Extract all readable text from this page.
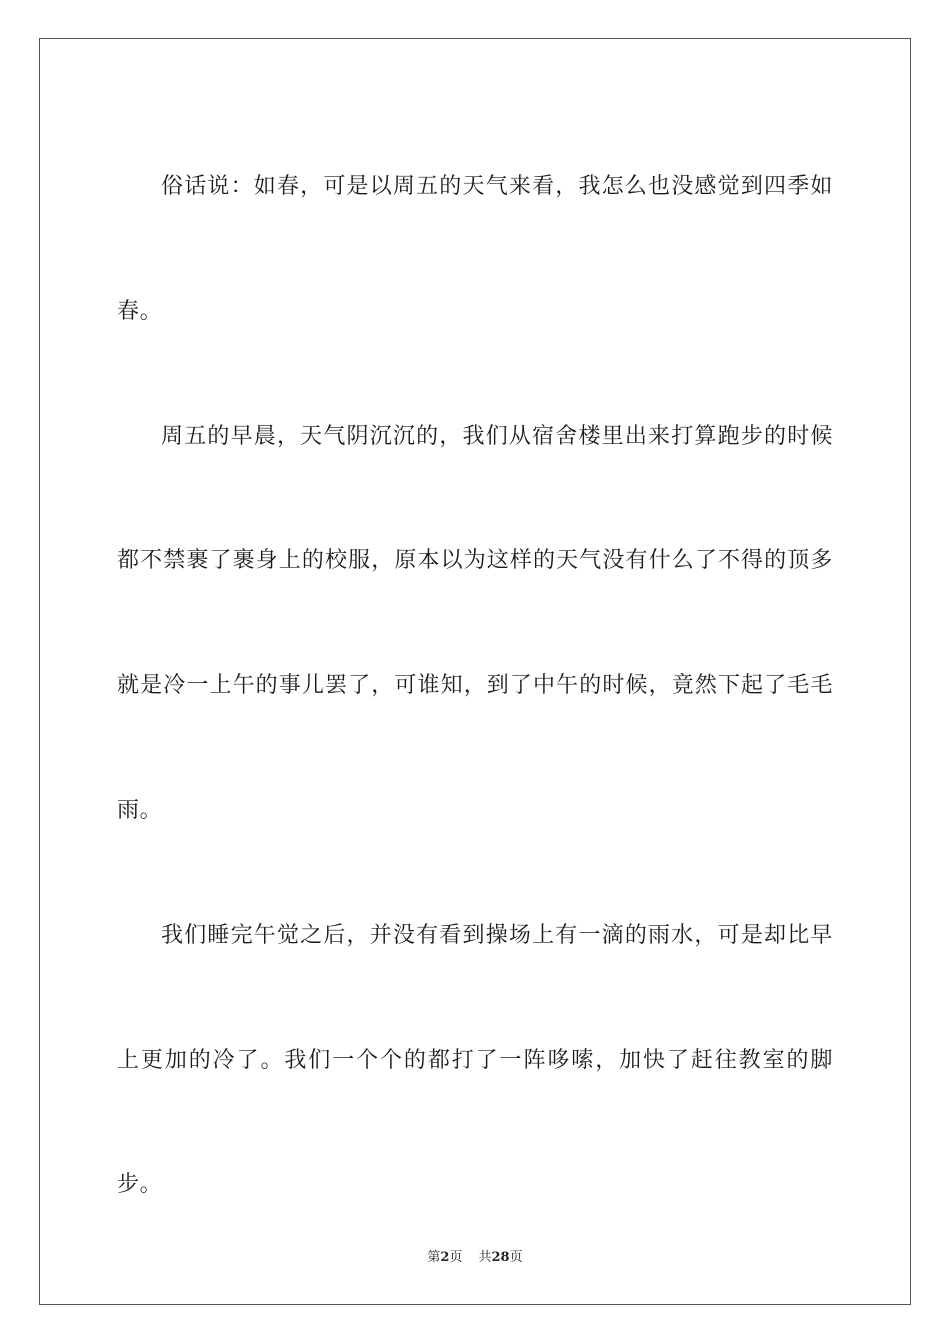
俗话说：如春，可是以周五的天气来看，我怎么也没感觉到四季如春。

周五的早晨，天气阴沉沉的，我们从宿舍楼里出来打算跑步的时候都不禁裹了裹身上的校服，原本以为这样的天气没有什么了不得的顶多就是冷一上午的事儿罢了，可谁知，到了中午的时候，竟然下起了毛毛雨。

我们睡完午觉之后，并没有看到操场上有一滴的雨水，可是却比早上更加的冷了。我们一个个的都打了一阵哆嗦，加快了赶往教室的脚步。

第2页 共28页
